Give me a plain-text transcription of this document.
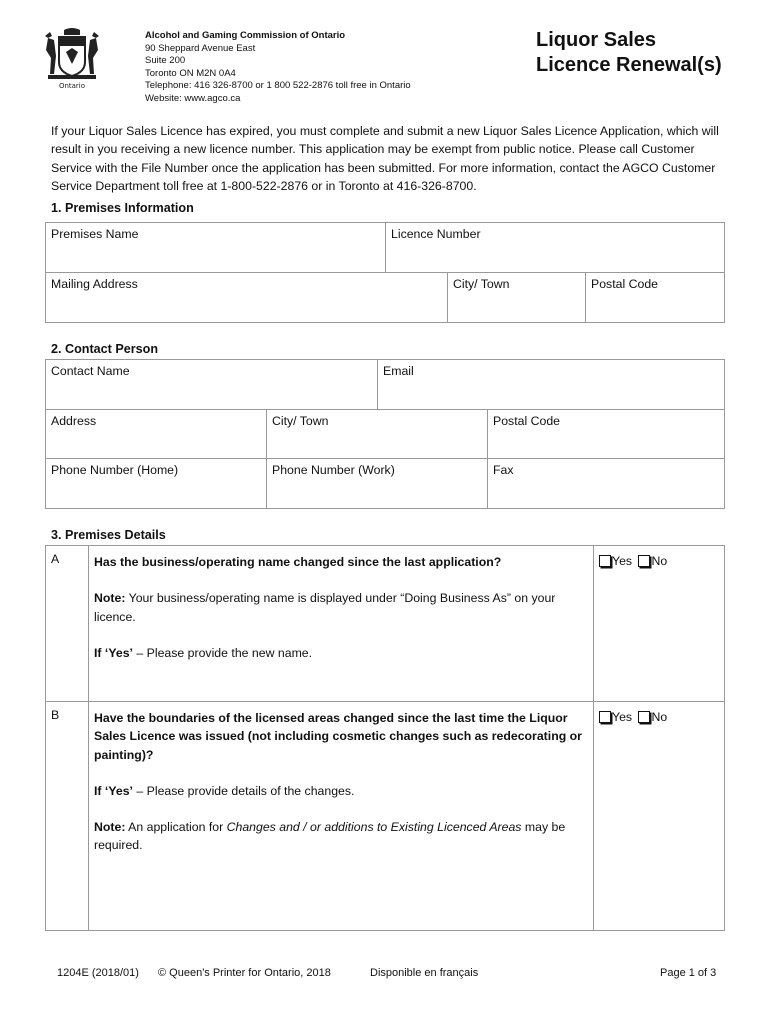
Ontario
Alcohol and Gaming Commission of Ontario
90 Sheppard Avenue East
Suite 200
Toronto ON M2N 0A4
Telephone: 416 326-8700 or 1 800 522-2876 toll free in Ontario
Website: www.agco.ca
Liquor Sales
Licence Renewal(s)
If your Liquor Sales Licence has expired, you must complete and submit a new Liquor Sales Licence Application, which will result in you receiving a new licence number. This application may be exempt from public notice. Please call Customer Service with the File Number once the application has been submitted. For more information, contact the AGCO Customer Service Department toll free at 1-800-522-2876 or in Toronto at 416-326-8700.
1. Premises Information
Premises Name	Licence Number
Mailing Address	City/ Town	Postal Code
2. Contact Person
Contact Name	Email
Address	City/ Town	Postal Code
Phone Number (Home)	Phone Number (Work)	Fax
3. Premises Details
A	Has the business/operating name changed since the last application?
Note: Your business/operating name is displayed under “Doing Business As” on your licence.
If ‘Yes’ – Please provide the new name.
Yes
No
B	Have the boundaries of the licensed areas changed since the last time the Liquor Sales Licence was issued (not including cosmetic changes such as redecorating or painting)?
If ‘Yes’ – Please provide details of the changes.
Note: An application for Changes and / or additions to Existing Licenced Areas may be required.
Yes
No
1204E (2018/01) © Queen's Printer for Ontario, 2018	Disponible en français	Page 1 of 3
